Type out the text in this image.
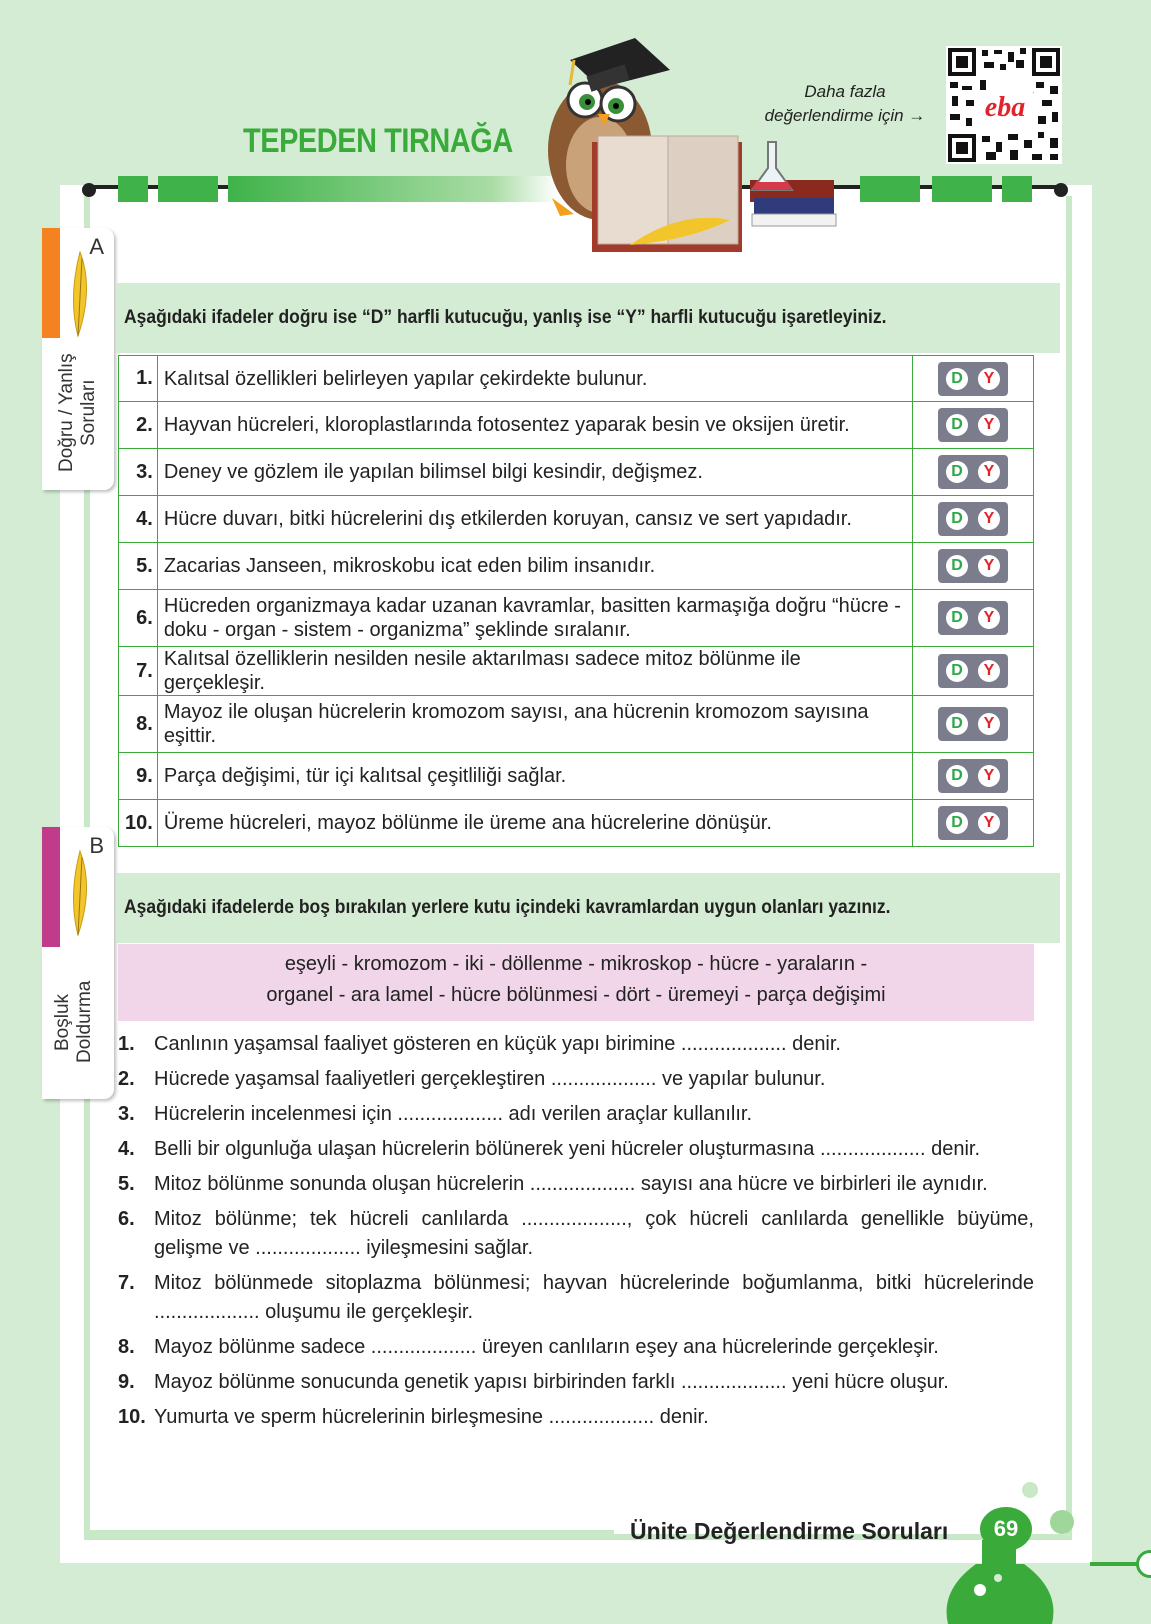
TEPEDEN TIRNAĞA
Daha fazla
değerlendirme için →	eba
A
Doğru / Yanlış Soruları
Aşağıdaki ifadeler doğru ise “D” harfli kutucuğu, yanlış ise “Y” harfli kutucuğu işaretleyiniz.
1.	Kalıtsal özellikleri belirleyen yapılar çekirdekte bulunur.	D Y

2.	Hayvan hücreleri, kloroplastlarında fotosentez yaparak besin ve oksijen üretir.	D Y

3.	Deney ve gözlem ile yapılan bilimsel bilgi kesindir, değişmez.	D Y

4.	Hücre duvarı, bitki hücrelerini dış etkilerden koruyan, cansız ve sert yapıdadır.	D Y

5.	Zacarias Janseen, mikroskobu icat eden bilim insanıdır.	D Y

6.	Hücreden organizmaya kadar uzanan kavramlar, basitten karmaşığa doğru “hücre - doku - organ - sistem - organizma” şeklinde sıralanır.	D Y

7.	Kalıtsal özelliklerin nesilden nesile aktarılması sadece mitoz bölünme ile gerçekleşir.	D Y

8.	Mayoz ile oluşan hücrelerin kromozom sayısı, ana hücrenin kromozom sayısına eşittir.	D Y

9.	Parça değişimi, tür içi kalıtsal çeşitliliği sağlar.	D Y

10.	Üreme hücreleri, mayoz bölünme ile üreme ana hücrelerine dönüşür.	D Y
B
Boşluk Doldurma
Aşağıdaki ifadelerde boş bırakılan yerlere kutu içindeki kavramlardan uygun olanları yazınız.
eşeyli - kromozom - iki - döllenme - mikroskop - hücre - yaraların -
organel - ara lamel - hücre bölünmesi - dört - üremeyi - parça değişimi
1. Canlının yaşamsal faaliyet gösteren en küçük yapı birimine ................... denir.
2. Hücrede yaşamsal faaliyetleri gerçekleştiren ................... ve yapılar bulunur.
3. Hücrelerin incelenmesi için ................... adı verilen araçlar kullanılır.
4. Belli bir olgunluğa ulaşan hücrelerin bölünerek yeni hücreler oluşturmasına ................... denir.
5. Mitoz bölünme sonunda oluşan hücrelerin ................... sayısı ana hücre ve birbirleri ile aynıdır.
6. Mitoz bölünme; tek hücreli canlılarda ..................., çok hücreli canlılarda genellikle büyüme, gelişme ve ................... iyileşmesini sağlar.
7. Mitoz bölünmede sitoplazma bölünmesi; hayvan hücrelerinde boğumlanma, bitki hücrelerinde ................... oluşumu ile gerçekleşir.
8. Mayoz bölünme sadece ................... üreyen canlıların eşey ana hücrelerinde gerçekleşir.
9. Mayoz bölünme sonucunda genetik yapısı birbirinden farklı ................... yeni hücre oluşur.
10. Yumurta ve sperm hücrelerinin birleşmesine ................... denir.
Ünite Değerlendirme Soruları	69
